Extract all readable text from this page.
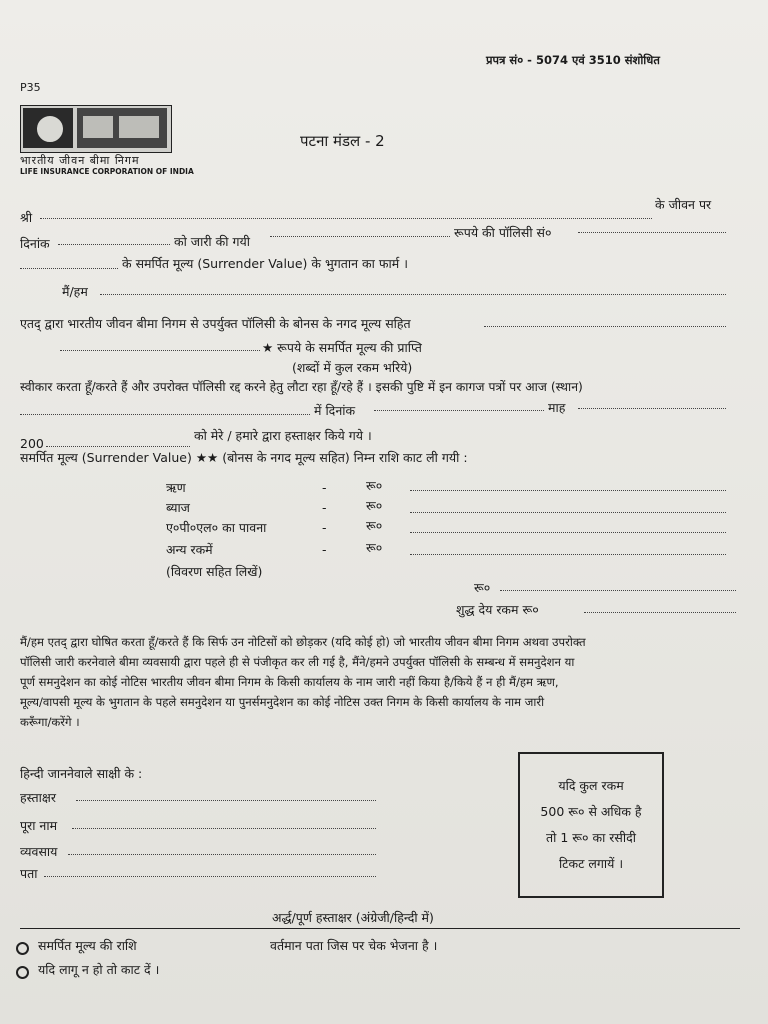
प्रपत्र सं० - 5074 एवं 3510 संशोधित
P35
भारतीय जीवन बीमा निगम
LIFE INSURANCE CORPORATION OF INDIA
पटना मंडल - 2
श्री
के जीवन पर
दिनांक	को जारी की गयी
रूपये की पॉलिसी सं०
के समर्पित मूल्य (Surrender Value) के भुगतान का फार्म ।
मैं/हम
एतद् द्वारा भारतीय जीवन बीमा निगम से उपर्युक्त पॉलिसी के बोनस के नगद मूल्य सहित
★ रूपये के समर्पित मूल्य की प्राप्ति
(शब्दों में कुल रकम भरिये)
स्वीकार करता हूँ/करते हैं और उपरोक्त पॉलिसी रद्द करने हेतु लौटा रहा हूँ/रहे हैं । इसकी पुष्टि में इन कागज पत्रों पर आज (स्थान)
में दिनांक	माह
200
को मेरे / हमारे द्वारा हस्ताक्षर किये गये ।
समर्पित मूल्य (Surrender Value) ★★ (बोनस के नगद मूल्य सहित) निम्न राशि काट ली गयी :
ऋण	-	रू०
ब्याज	-	रू०
ए०पी०एल० का पावना	-	रू०
अन्य रकमें	-	रू०
(विवरण सहित लिखें)
रू०
शुद्ध देय रकम रू०
मैं/हम एतद् द्वारा घोषित करता हूँ/करते हैं कि सिर्फ उन नोटिसों को छोड़कर (यदि कोई हो) जो भारतीय जीवन बीमा निगम अथवा उपरोक्त
पॉलिसी जारी करनेवाले बीमा व्यवसायी द्वारा पहले ही से पंजीकृत कर ली गई है, मैंने/हमने उपर्युक्त पॉलिसी के सम्बन्ध में समनुदेशन या
पूर्ण समनुदेशन का कोई नोटिस भारतीय जीवन बीमा निगम के किसी कार्यालय के नाम जारी नहीं किया है/किये हैं न ही मैं/हम ऋण,
मूल्य/वापसी मूल्य के भुगतान के पहले समनुदेशन या पुनर्समनुदेशन का कोई नोटिस उक्त निगम के किसी कार्यालय के नाम जारी
करूँगा/करेंगे ।
हिन्दी जाननेवाले साक्षी के :
हस्ताक्षर
पूरा नाम
व्यवसाय
पता
यदि कुल रकम
500 रू० से अधिक है
तो 1 रू० का रसीदी
टिकट लगायें ।
अर्द्ध/पूर्ण हस्ताक्षर (अंग्रेजी/हिन्दी में)
वर्तमान पता जिस पर चेक भेजना है ।
समर्पित मूल्य की राशि
यदि लागू न हो तो काट दें ।
